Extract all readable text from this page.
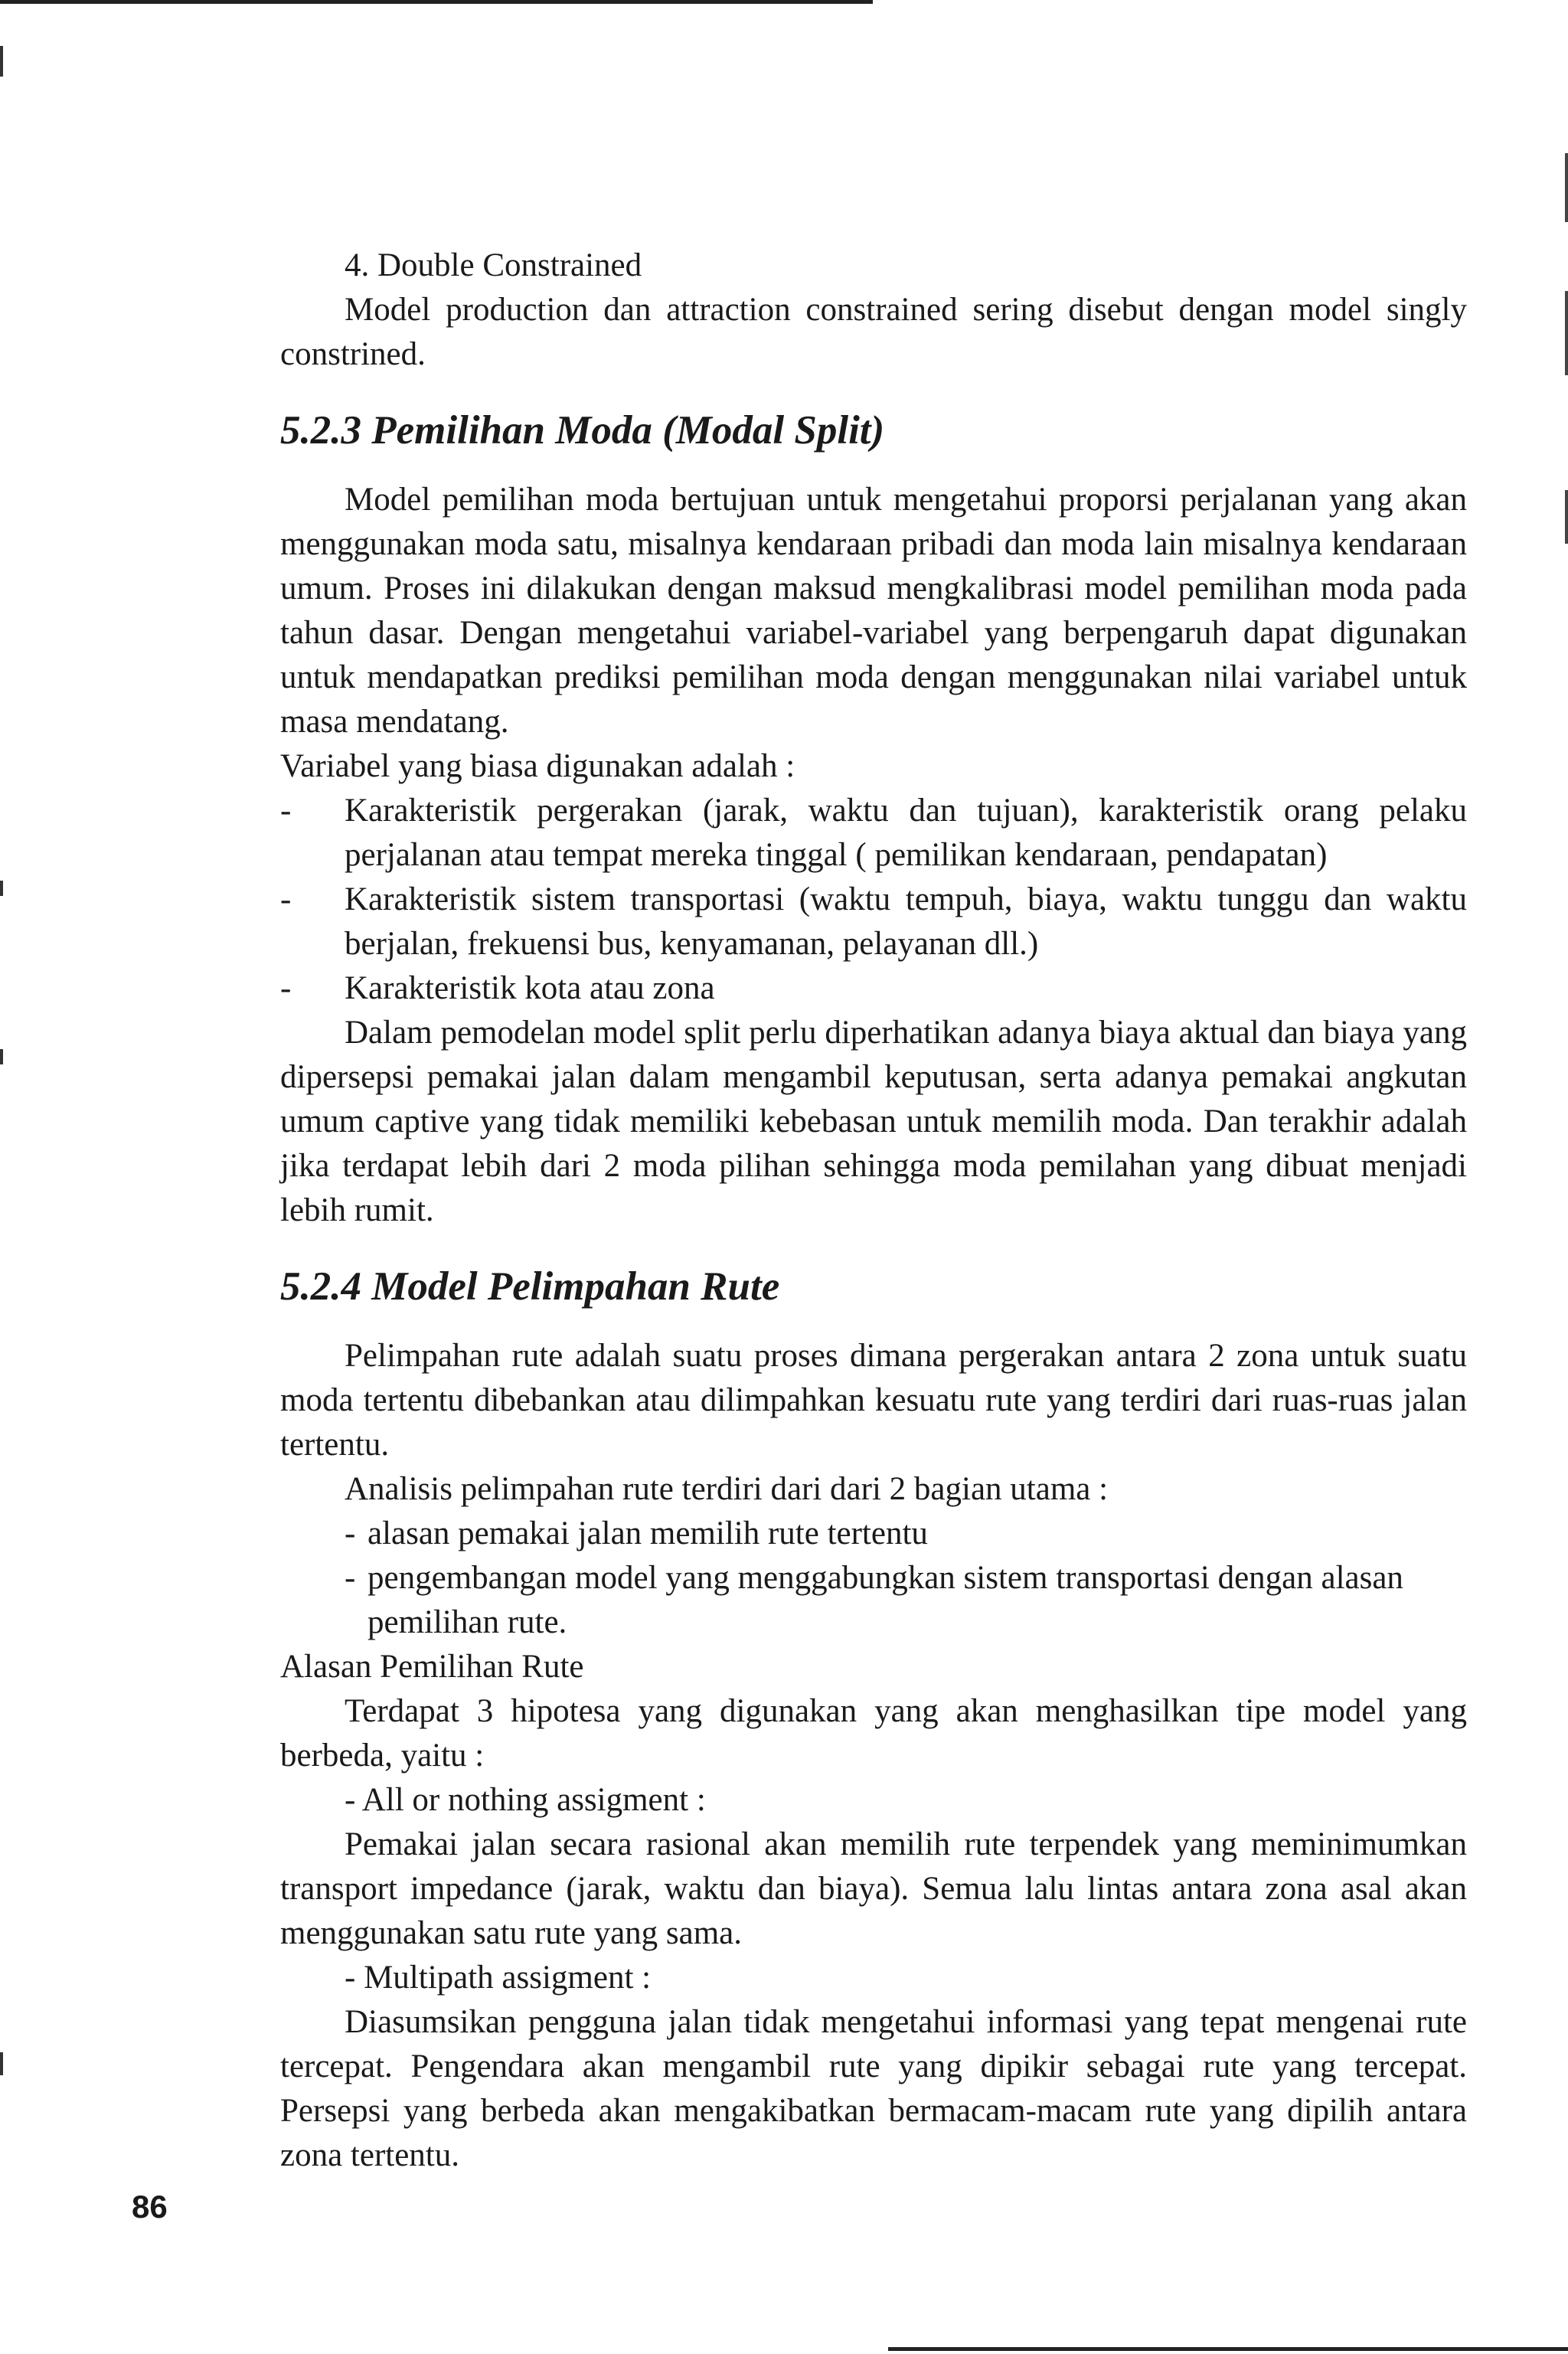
4. Double Constrained

Model production dan attraction constrained sering disebut dengan model singly constrined.

5.2.3 Pemilihan Moda (Modal Split)

Model pemilihan moda bertujuan untuk mengetahui proporsi perjalanan yang akan menggunakan moda satu, misalnya kendaraan pribadi dan moda lain misalnya kendaraan umum. Proses ini dilakukan dengan maksud mengkalibrasi model pemilihan moda pada tahun dasar. Dengan mengetahui variabel-variabel yang berpengaruh dapat digunakan untuk mendapatkan prediksi pemilihan moda dengan menggunakan nilai variabel untuk masa mendatang.

Variabel yang biasa digunakan adalah :

-	Karakteristik pergerakan (jarak, waktu dan tujuan), karakteristik orang pelaku perjalanan atau tempat mereka tinggal ( pemilikan kendaraan, pendapatan)
-	Karakteristik sistem transportasi (waktu tempuh, biaya, waktu tunggu dan waktu berjalan, frekuensi bus, kenyamanan, pelayanan dll.)
-	Karakteristik kota atau zona

Dalam pemodelan model split perlu diperhatikan adanya biaya aktual dan biaya yang dipersepsi pemakai jalan dalam mengambil keputusan, serta adanya pemakai angkutan umum captive yang tidak memiliki kebebasan untuk memilih moda. Dan terakhir adalah jika terdapat lebih dari 2 moda pilihan sehingga moda pemilahan yang dibuat menjadi lebih rumit.

5.2.4 Model Pelimpahan Rute

Pelimpahan rute adalah suatu proses dimana pergerakan antara 2 zona untuk suatu moda tertentu dibebankan atau dilimpahkan kesuatu rute yang terdiri dari ruas-ruas jalan tertentu.

Analisis pelimpahan rute terdiri dari dari 2 bagian utama :

- alasan pemakai jalan memilih rute tertentu
- pengembangan model yang menggabungkan sistem transportasi dengan alasan pemilihan rute.

Alasan Pemilihan Rute

Terdapat 3 hipotesa yang digunakan yang akan menghasilkan tipe model yang berbeda, yaitu :

- All or nothing assigment :

Pemakai jalan secara rasional akan memilih rute terpendek yang meminimumkan transport impedance (jarak, waktu dan biaya). Semua lalu lintas antara zona asal akan menggunakan satu rute yang sama.

- Multipath assigment :

Diasumsikan pengguna jalan tidak mengetahui informasi yang tepat mengenai rute tercepat. Pengendara akan mengambil rute yang dipikir sebagai rute yang tercepat. Persepsi yang berbeda akan mengakibatkan bermacam-macam rute yang dipilih antara zona tertentu.

86
